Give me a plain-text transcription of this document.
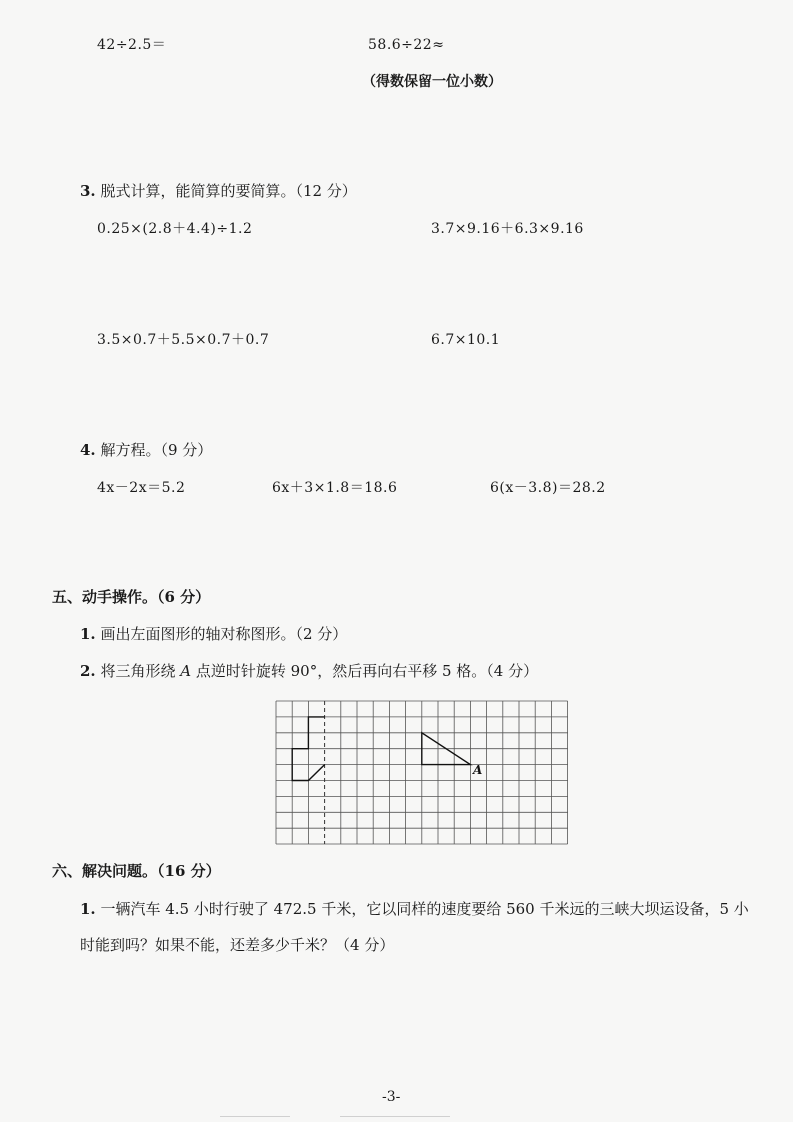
42÷2.5＝	58.6÷22≈
（得数保留一位小数）
3. 脱式计算，能简算的要简算。（12 分）
0.25×(2.8＋4.4)÷1.2	3.7×9.16＋6.3×9.16
3.5×0.7＋5.5×0.7＋0.7	6.7×10.1
4. 解方程。（9 分）
4x－2x＝5.2	6x＋3×1.8＝18.6	6(x－3.8)＝28.2
五、动手操作。（6 分）
1. 画出左面图形的轴对称图形。（2 分）
2. 将三角形绕 A 点逆时针旋转 90°，然后再向右平移 5 格。（4 分）
A
六、解决问题。（16 分）
1. 一辆汽车 4.5 小时行驶了 472.5 千米，它以同样的速度要给 560 千米远的三峡大坝运设备，5 小时能到吗？如果不能，还差多少千米？（4 分）
-3-
